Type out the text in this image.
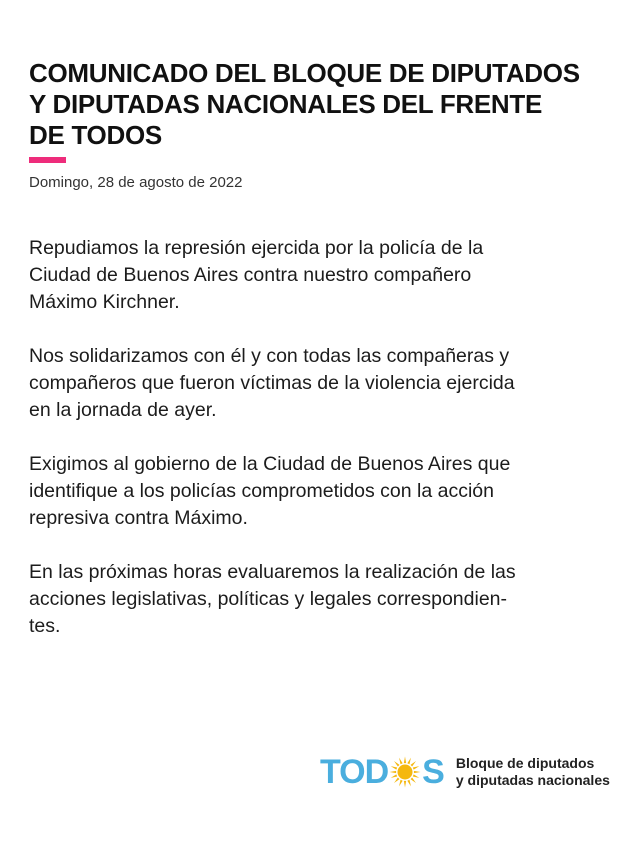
COMUNICADO DEL BLOQUE DE DIPUTADOS
Y DIPUTADAS NACIONALES DEL FRENTE
DE TODOS
Domingo, 28 de agosto de 2022

Repudiamos la represión ejercida por la policía de la
Ciudad de Buenos Aires contra nuestro compañero
Máximo Kirchner.

Nos solidarizamos con él y con todas las compañeras y
compañeros que fueron víctimas de la violencia ejercida
en la jornada de ayer.

Exigimos al gobierno de la Ciudad de Buenos Aires que
identifique a los policías comprometidos con la acción
represiva contra Máximo.

En las próximas horas evaluaremos la realización de las
acciones legislativas, políticas y legales correspondien-
tes.

TOD S Bloque de diputados
y diputadas nacionales
